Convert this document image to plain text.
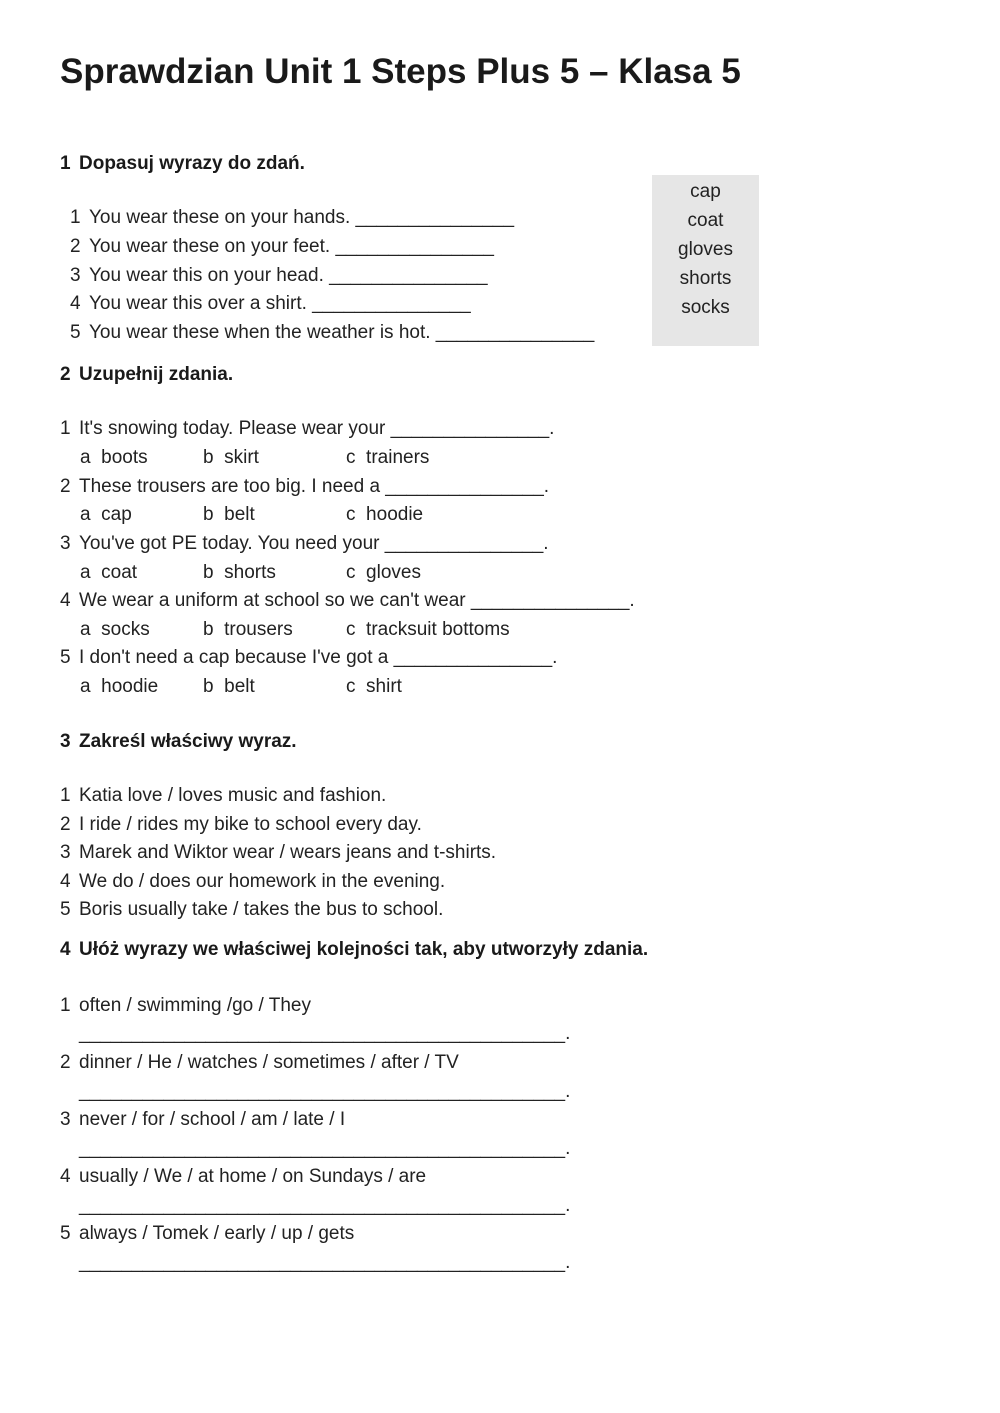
Sprawdzian Unit 1 Steps Plus 5 – Klasa 5
1 Dopasuj wyrazy do zdań.
1 You wear these on your hands. _______________
2 You wear these on your feet. _______________
3 You wear this on your head. _______________
4 You wear this over a shirt. _______________
5 You wear these when the weather is hot. _______________
cap
coat
gloves
shorts
socks
2 Uzupełnij zdania.
1 It's snowing today. Please wear your _______________.
a  boots	b  skirt	c  trainers
2 These trousers are too big. I need a _______________.
a  cap	b  belt	c  hoodie
3 You've got PE today. You need your _______________.
a  coat	b  shorts	c  gloves
4 We wear a uniform at school so we can't wear _______________.
a  socks	b  trousers	c  tracksuit bottoms
5 I don't need a cap because I've got a _______________.
a  hoodie b  belt	c  shirt
3 Zakreśl właściwy wyraz.
1 Katia love / loves music and fashion.
2 I ride / rides my bike to school every day.
3 Marek and Wiktor wear / wears jeans and t-shirts.
4 We do / does our homework in the evening.
5 Boris usually take / takes the bus to school.
4 Ułóż wyrazy we właściwej kolejności tak, aby utworzyły zdania.
1 often / swimming /go / They
______________________________________________.
2 dinner / He / watches / sometimes / after / TV
______________________________________________.
3 never / for / school / am / late / I
______________________________________________.
4 usually / We / at home / on Sundays / are
______________________________________________.
5 always / Tomek / early / up / gets
______________________________________________.
